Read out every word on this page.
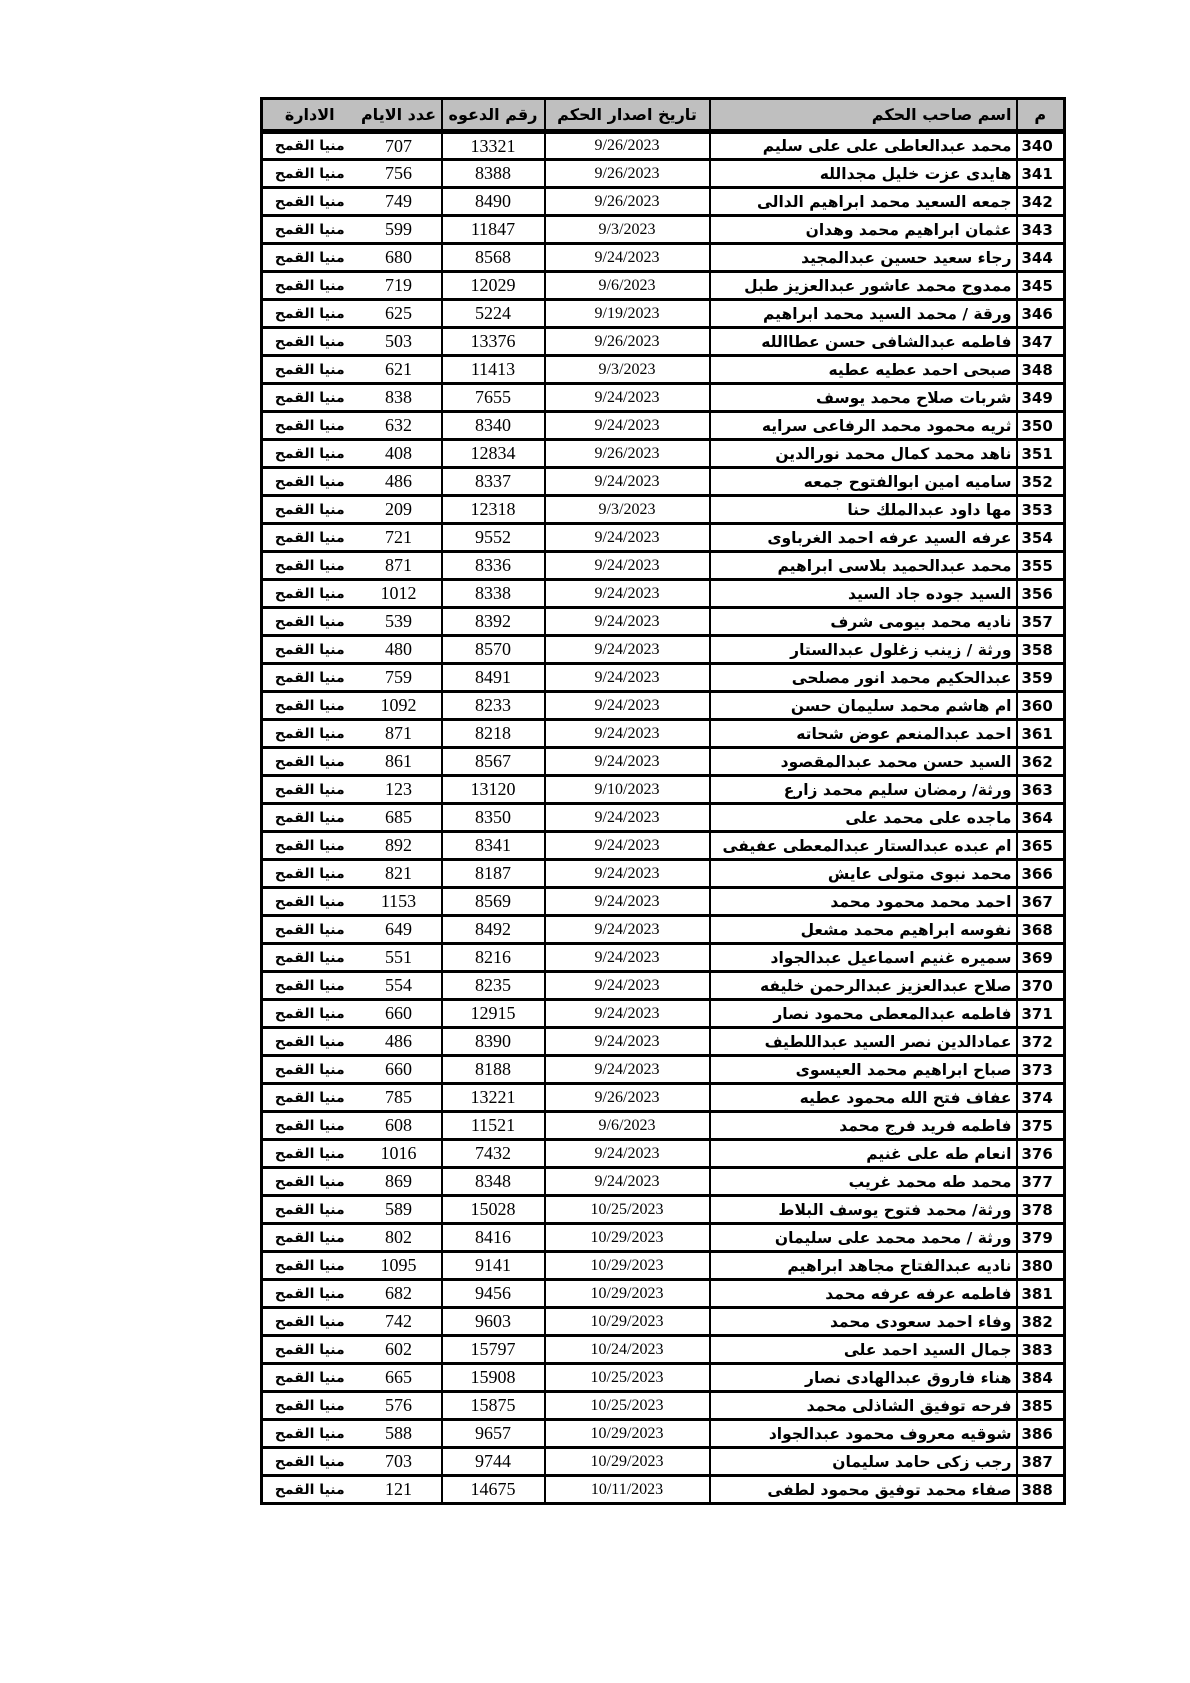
م	اسم صاحب الحكم	تاريخ اصدار الحكم	رقم الدعوه	عدد الايام	الادارة
340	محمد عبدالعاطى على على سليم	9/26/2023	13321	707	منيا القمح
341	هايدى عزت خليل مجدالله	9/26/2023	8388	756	منيا القمح
342	جمعه السعيد محمد ابراهيم الدالى	9/26/2023	8490	749	منيا القمح
343	عثمان ابراهيم محمد وهدان	9/3/2023	11847	599	منيا القمح
344	رجاء سعيد حسين عبدالمجيد	9/24/2023	8568	680	منيا القمح
345	ممدوح محمد عاشور عبدالعزيز طبل	9/6/2023	12029	719	منيا القمح
346	ورقة / محمد السيد محمد ابراهيم	9/19/2023	5224	625	منيا القمح
347	فاطمه عبدالشافى حسن عطاالله	9/26/2023	13376	503	منيا القمح
348	صبحى احمد عطيه عطيه	9/3/2023	11413	621	منيا القمح
349	شربات صلاح محمد يوسف	9/24/2023	7655	838	منيا القمح
350	ثريه محمود محمد الرفاعى سرايه	9/24/2023	8340	632	منيا القمح
351	ناهد محمد كمال محمد نورالدين	9/26/2023	12834	408	منيا القمح
352	ساميه امين ابوالفتوح جمعه	9/24/2023	8337	486	منيا القمح
353	مها داود عبدالملك حنا	9/3/2023	12318	209	منيا القمح
354	عرفه السيد عرفه احمد الغرباوى	9/24/2023	9552	721	منيا القمح
355	محمد عبدالحميد بلاسى ابراهيم	9/24/2023	8336	871	منيا القمح
356	السيد جوده جاد السيد	9/24/2023	8338	1012	منيا القمح
357	ناديه محمد بيومى شرف	9/24/2023	8392	539	منيا القمح
358	ورثة / زينب زغلول عبدالستار	9/24/2023	8570	480	منيا القمح
359	عبدالحكيم محمد انور مصلحى	9/24/2023	8491	759	منيا القمح
360	ام هاشم محمد سليمان حسن	9/24/2023	8233	1092	منيا القمح
361	احمد عبدالمنعم عوض شحاته	9/24/2023	8218	871	منيا القمح
362	السيد حسن محمد عبدالمقصود	9/24/2023	8567	861	منيا القمح
363	ورثة/ رمضان سليم محمد زارع	9/10/2023	13120	123	منيا القمح
364	ماجده على محمد على	9/24/2023	8350	685	منيا القمح
365	ام عبده عبدالستار عبدالمعطى عفيفى	9/24/2023	8341	892	منيا القمح
366	محمد نبوى متولى عايش	9/24/2023	8187	821	منيا القمح
367	احمد محمد محمود محمد	9/24/2023	8569	1153	منيا القمح
368	نفوسه ابراهيم محمد مشعل	9/24/2023	8492	649	منيا القمح
369	سميره غنيم اسماعيل عبدالجواد	9/24/2023	8216	551	منيا القمح
370	صلاح عبدالعزيز عبدالرحمن خليفه	9/24/2023	8235	554	منيا القمح
371	فاطمه عبدالمعطى محمود نصار	9/24/2023	12915	660	منيا القمح
372	عمادالدين نصر السيد عبداللطيف	9/24/2023	8390	486	منيا القمح
373	صباح ابراهيم محمد العيسوى	9/24/2023	8188	660	منيا القمح
374	عفاف فتح الله محمود عطيه	9/26/2023	13221	785	منيا القمح
375	فاطمه فريد فرج محمد	9/6/2023	11521	608	منيا القمح
376	انعام طه على غنيم	9/24/2023	7432	1016	منيا القمح
377	محمد طه محمد غريب	9/24/2023	8348	869	منيا القمح
378	ورثة/ محمد فتوح يوسف البلاط	10/25/2023	15028	589	منيا القمح
379	ورثة / محمد محمد على سليمان	10/29/2023	8416	802	منيا القمح
380	ناديه عبدالفتاح مجاهد ابراهيم	10/29/2023	9141	1095	منيا القمح
381	فاطمه عرفه عرفه محمد	10/29/2023	9456	682	منيا القمح
382	وفاء احمد سعودى محمد	10/29/2023	9603	742	منيا القمح
383	جمال السيد احمد على	10/24/2023	15797	602	منيا القمح
384	هناء فاروق عبدالهادى نصار	10/25/2023	15908	665	منيا القمح
385	فرحه توفيق الشاذلى محمد	10/25/2023	15875	576	منيا القمح
386	شوقيه معروف محمود عبدالجواد	10/29/2023	9657	588	منيا القمح
387	رجب زكى حامد سليمان	10/29/2023	9744	703	منيا القمح
388	صفاء محمد توفيق محمود لطفى	10/11/2023	14675	121	منيا القمح
